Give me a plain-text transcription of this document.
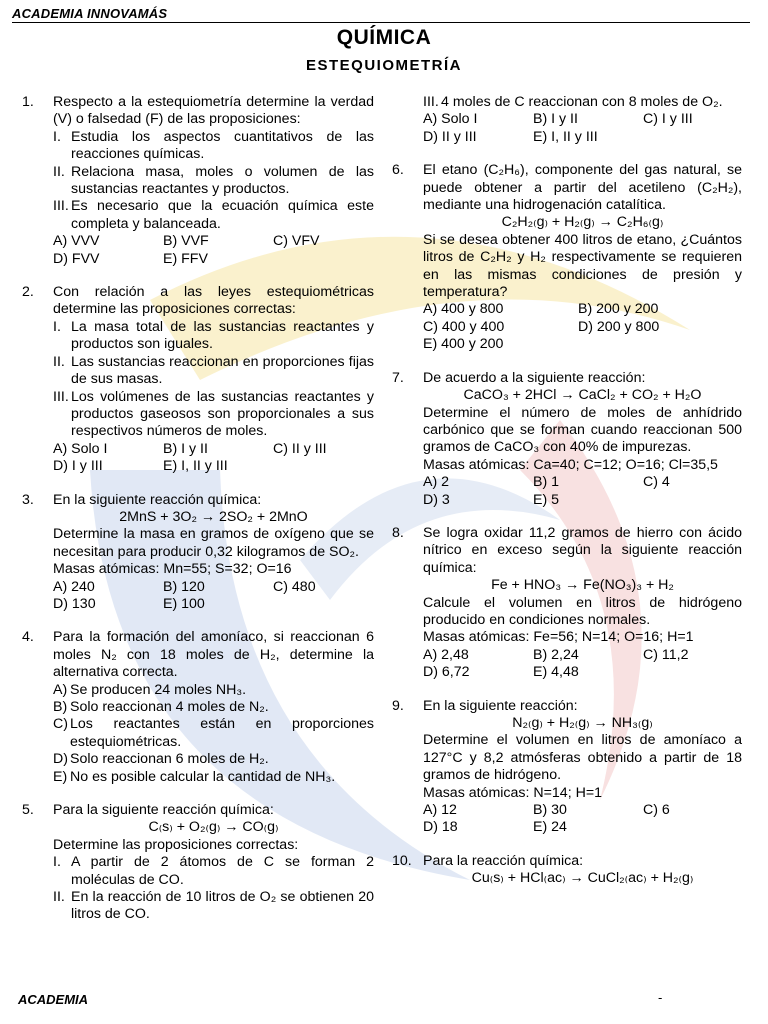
ACADEMIA INNOVAMÁS
QUÍMICA
ESTEQUIOMETRÍA
1.	Respecto a la estequiometría determine la verdad (V) o falsedad (F) de las proposiciones:
I. Estudia los aspectos cuantitativos de las reacciones químicas.
II. Relaciona masa, moles o volumen de las sustancias reactantes y productos.
III. Es necesario que la ecuación química este completa y balanceada.
A) VVV	B) VVF	C) VFV
D) FVV	E) FFV
2.	Con relación a las leyes estequiométricas determine las proposiciones correctas:
I. La masa total de las sustancias reactantes y productos son iguales.
II. Las sustancias reaccionan en proporciones fijas de sus masas.
III. Los volúmenes de las sustancias reactantes y productos gaseosos son proporcionales a sus respectivos números de moles.
A) Solo I	B) I y II	C) II y III
D) I y III	E) I, II y III
3.	En la siguiente reacción química:
2MnS + 3O₂ → 2SO₂ + 2MnO
Determine la masa en gramos de oxígeno que se necesitan para producir 0,32 kilogramos de SO₂.
Masas atómicas: Mn=55; S=32; O=16
A) 240	B) 120	C) 480
D) 130	E) 100
4.	Para la formación del amoníaco, si reaccionan 6 moles N₂ con 18 moles de H₂, determine la alternativa correcta.
A) Se producen 24 moles NH₃.
B) Solo reaccionan 4 moles de N₂.
C) Los reactantes están en proporciones estequiométricas.
D) Solo reaccionan 6 moles de H₂.
E) No es posible calcular la cantidad de NH₃.
5.	Para la siguiente reacción química:
C₍s₎ + O₂₍g₎ → CO₍g₎
Determine las proposiciones correctas:
I. A partir de 2 átomos de C se forman 2 moléculas de CO.
II. En la reacción de 10 litros de O₂ se obtienen 20 litros de CO.
III. 4 moles de C reaccionan con 8 moles de O₂.
A) Solo I	B) I y II	C) I y III
D) II y III	E) I, II y III
6.	El etano (C₂H₆), componente del gas natural, se puede obtener a partir del acetileno (C₂H₂), mediante una hidrogenación catalítica.
C₂H₂₍g₎ + H₂₍g₎ → C₂H₆₍g₎
Si se desea obtener 400 litros de etano, ¿Cuántos litros de C₂H₂ y H₂ respectivamente se requieren en las mismas condiciones de presión y temperatura?
A) 400 y 800	B) 200 y 200
C) 400 y 400	D) 200 y 800
E) 400 y 200
7.	De acuerdo a la siguiente reacción:
CaCO₃ + 2HCl → CaCl₂ + CO₂ + H₂O
Determine el número de moles de anhídrido carbónico que se forman cuando reaccionan 500 gramos de CaCO₃ con 40% de impurezas.
Masas atómicas: Ca=40; C=12; O=16; Cl=35,5
A) 2	B) 1	C) 4
D) 3	E) 5
8.	Se logra oxidar 11,2 gramos de hierro con ácido nítrico en exceso según la siguiente reacción química:
Fe + HNO₃ → Fe(NO₃)₃ + H₂
Calcule el volumen en litros de hidrógeno producido en condiciones normales.
Masas atómicas: Fe=56; N=14; O=16; H=1
A) 2,48	B) 2,24	C) 11,2
D) 6,72	E) 4,48
9.	En la siguiente reacción:
N₂₍g₎ + H₂₍g₎ → NH₃₍g₎
Determine el volumen en litros de amoníaco a 127°C y 8,2 atmósferas obtenido a partir de 18 gramos de hidrógeno.
Masas atómicas: N=14; H=1
A) 12	B) 30	C) 6
D) 18	E) 24
10. Para la reacción química:
Cu₍s₎ + HCl₍ac₎ → CuCl₂₍ac₎ + H₂₍g₎
ACADEMIA	-
